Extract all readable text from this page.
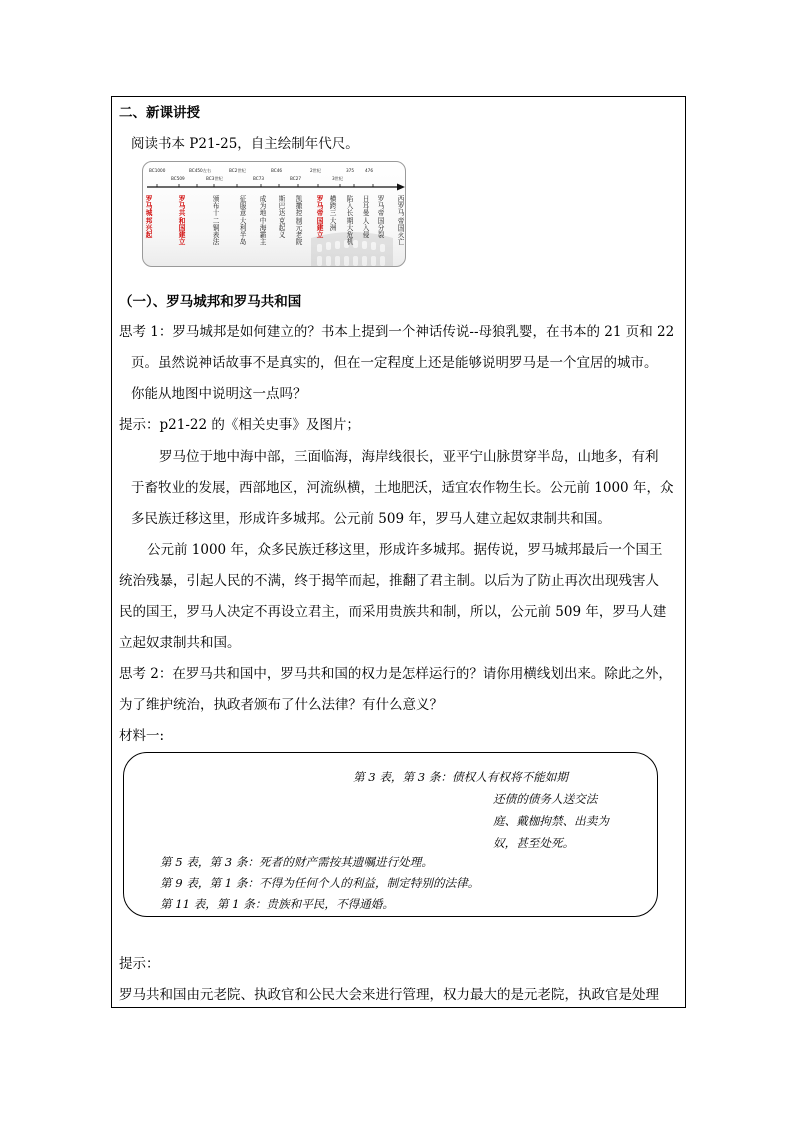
二、新课讲授
阅读书本 P21-25，自主绘制年代尺。
BC1000
BC509
BC450左右
BC3世纪
BC2世纪
BC73
BC46
BC27
2世纪
3世纪
375	476
罗马城邦兴起
罗马共和国建立
颁布十二铜表法
征服意大利半岛
成为地中海霸主
斯巴达克起义
凯撒控制元老院
罗马帝国建立
横跨三大洲
陷入长期大危机
日耳曼人入侵
罗马帝国分裂
西罗马帝国灭亡
（一）、罗马城邦和罗马共和国
思考 1：罗马城邦是如何建立的？书本上提到一个神话传说--母狼乳婴，在书本的 21 页和 22
页。虽然说神话故事不是真实的，但在一定程度上还是能够说明罗马是一个宜居的城市。
你能从地图中说明这一点吗？
提示：p21-22 的《相关史事》及图片；
罗马位于地中海中部，三面临海，海岸线很长，亚平宁山脉贯穿半岛，山地多，有利
于畜牧业的发展，西部地区，河流纵横，土地肥沃，适宜农作物生长。公元前 1000 年，众
多民族迁移这里，形成许多城邦。公元前 509 年，罗马人建立起奴隶制共和国。
公元前 1000 年，众多民族迁移这里，形成许多城邦。据传说，罗马城邦最后一个国王
统治残暴，引起人民的不满，终于揭竿而起，推翻了君主制。以后为了防止再次出现残害人
民的国王，罗马人决定不再设立君主，而采用贵族共和制，所以，公元前 509 年，罗马人建
立起奴隶制共和国。
思考 2：在罗马共和国中，罗马共和国的权力是怎样运行的？请你用横线划出来。除此之外，
为了维护统治，执政者颁布了什么法律？有什么意义？
材料一:
第 3 表，第 3 条：债权人有权将不能如期
还债的债务人送交法
庭、戴枷拘禁、出卖为
奴，甚至处死。
第 5 表，第 3 条：死者的财产需按其遗嘱进行处理。
第 9 表，第 1 条：不得为任何个人的利益，制定特别的法律。
第 11 表，第 1 条：贵族和平民，不得通婚。
提示：
罗马共和国由元老院、执政官和公民大会来进行管理，权力最大的是元老院，执政官是处理
